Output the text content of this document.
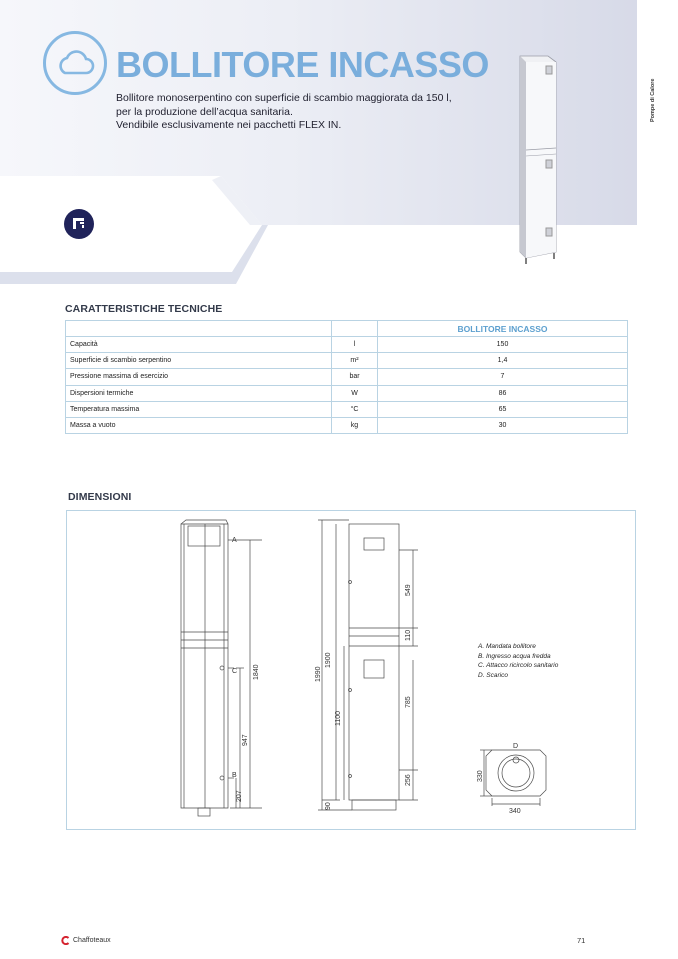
BOLLITORE INCASSO
Bollitore monoserpentino con superficie di scambio maggiorata da 150 l,
per la produzione dell’acqua sanitaria.
Vendibile esclusivamente nei pacchetti FLEX IN.
Pompe di Calore
CARATTERISTICHE TECNICHE
		BOLLITORE INCASSO
Capacità	l	150
Superficie di scambio serpentino	m²	1,4
Pressione massima di esercizio	bar	7
Dispersioni termiche	W	86
Temperatura massima	°C	65
Massa a vuoto	kg	30
DIMENSIONI
A
C
B
D
1840
947
207
1990
1900
1100
90
549
110
785
256	330
340
A. Mandata bollitore
B. Ingresso acqua fredda
C. Attacco ricircolo sanitario
D. Scarico
Chaffoteaux	71
